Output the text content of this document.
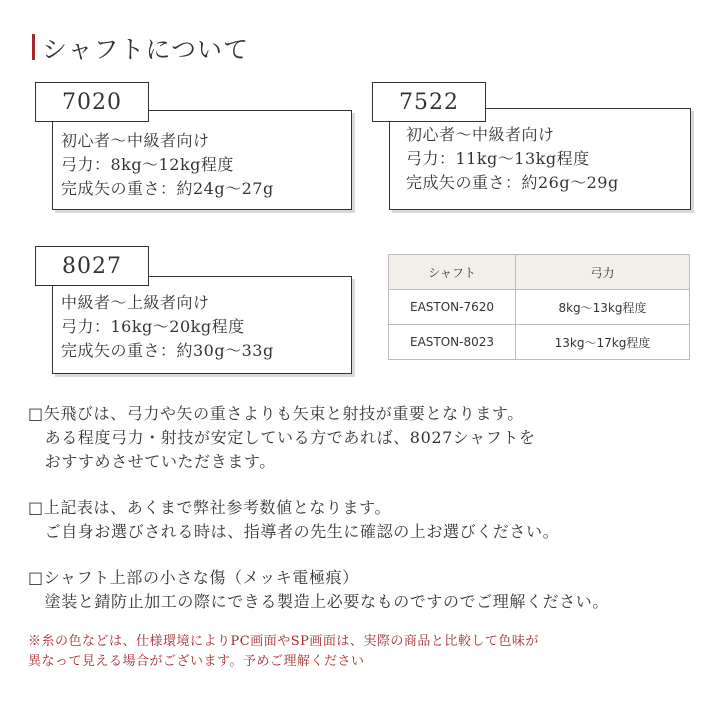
シャフトについて
初心者〜中級者向け
弓力：8kg〜12kg程度
完成矢の重さ：約24g〜27g
7020
初心者〜中級者向け
弓力：11kg〜13kg程度
完成矢の重さ：約26g〜29g
7522
中級者〜上級者向け
弓力：16kg〜20kg程度
完成矢の重さ：約30g〜33g
8027	シャフト	弓力
EASTON-7620	8kg〜13kg程度
EASTON-8023	13kg〜17kg程度
□矢飛びは、弓力や矢の重さよりも矢束と射技が重要となります。
　ある程度弓力・射技が安定している方であれば、8027シャフトを
　おすすめさせていただきます。
□上記表は、あくまで弊社参考数値となります。
　ご自身お選びされる時は、指導者の先生に確認の上お選びください。
□シャフト上部の小さな傷（メッキ電極痕）
　塗装と錆防止加工の際にできる製造上必要なものですのでご理解ください。
※糸の色などは、仕様環境によりPC画面やSP画面は、実際の商品と比較して色味が
異なって見える場合がございます。予めご理解ください
